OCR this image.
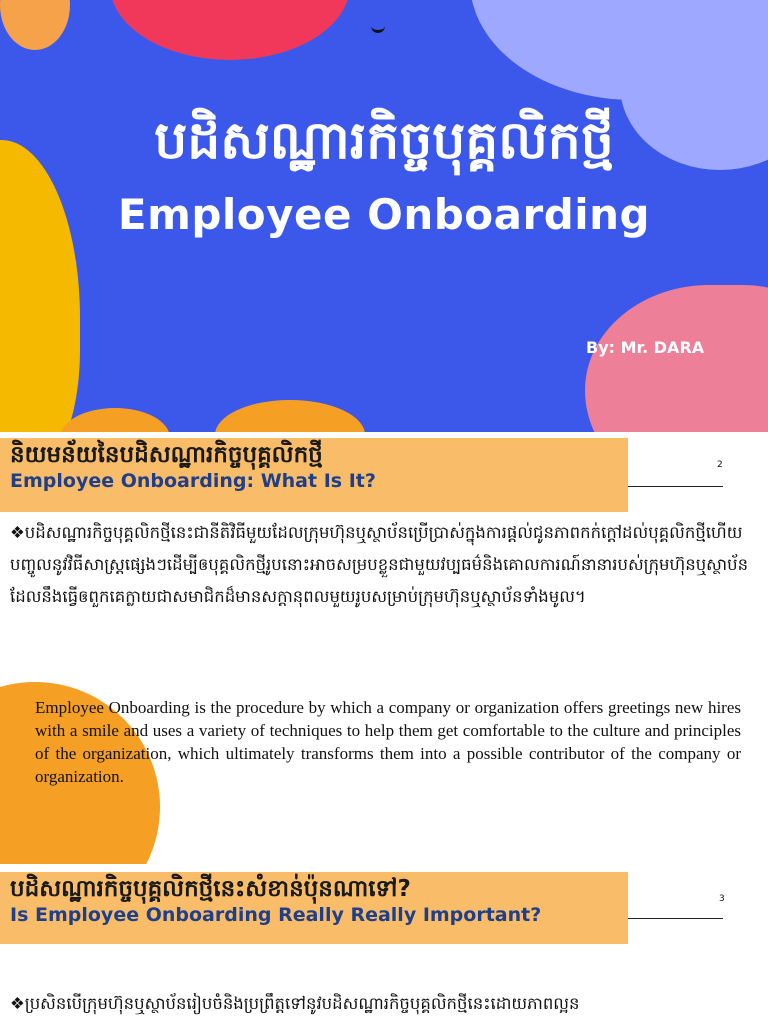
បដិសណ្ឋារកិច្ចបុគ្គលិកថ្មី
Employee Onboarding
By: Mr. DARA
និយមន័យនៃបដិសណ្ឋារកិច្ចបុគ្គលិកថ្មី
Employee Onboarding: What Is It?
2
❖បដិសណ្ឋារកិច្ចបុគ្គលិកថ្មីនេះជានីតិវិធីមួយដែលក្រុមហ៊ុនឬស្ថាប័នប្រើប្រាស់ក្នុងការផ្តល់ជូនភាពកក់ក្ដៅដល់បុគ្គលិកថ្មីហើយបញ្ចូលនូវវិធីសាស្រ្តផ្សេងៗដើម្បីឲបុគ្គលិកថ្មីរូបនោះអាចសម្របខ្លួនជាមួយវប្បធម៌និងគោលការណ៍នានារបស់ក្រុមហ៊ុនឬស្ថាប័នដែលនឹងធ្វើឲពួកគេក្លាយជាសមាជិកដ៏មានសក្ដានុពលមួយរូបសម្រាប់ក្រុមហ៊ុនឬស្ថាប័នទាំងមូល។
Employee Onboarding is the procedure by which a company or organization offers greetings new hires with a smile and uses a variety of techniques to help them get comfortable to the culture and principles of the organization, which ultimately transforms them into a possible contributor of the company or organization.
បដិសណ្ឋារកិច្ចបុគ្គលិកថ្មីនេះសំខាន់ប៉ុនណាទៅ?
Is Employee Onboarding Really Really Important?
3
❖ប្រសិនបើក្រុមហ៊ុនឬស្ថាប័នរៀបចំនិងប្រព្រឹត្តទៅនូវបដិសណ្ឋារកិច្ចបុគ្គលិកថ្មីនេះដោយភាពល្អន
